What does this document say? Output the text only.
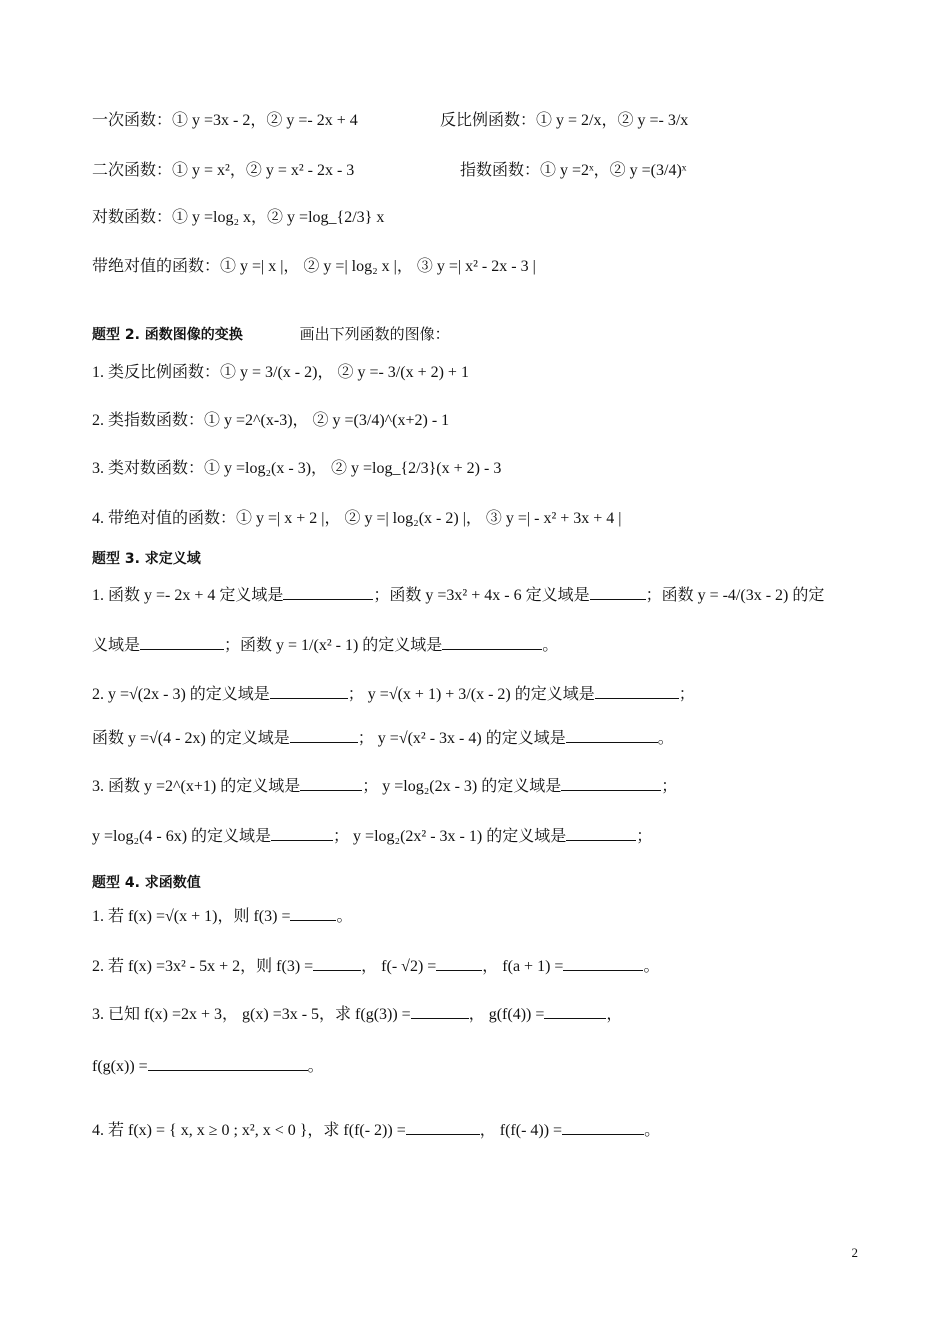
一次函数：① y =3x - 2，② y =- 2x + 4	反比例函数：① y = 2/x，② y =- 3/x
二次函数：① y = x²，② y = x² - 2x - 3	指数函数：① y =2ˣ，② y =(3/4)ˣ
对数函数：① y =log₂ x，② y =log_{2/3} x
带绝对值的函数：① y =| x |， ② y =| log₂ x |， ③ y =| x² - 2x - 3 |
题型 2. 函数图像的变换	画出下列函数的图像：
1. 类反比例函数：① y = 3/(x - 2)， ② y =- 3/(x + 2) + 1
2. 类指数函数：① y =2^(x-3)， ② y =(3/4)^(x+2) - 1
3. 类对数函数：① y =log₂(x - 3)， ② y =log_{2/3}(x + 2) - 3
4. 带绝对值的函数：① y =| x + 2 |， ② y =| log₂(x - 2) |， ③ y =| - x² + 3x + 4 |
题型 3. 求定义域
1. 函数 y =- 2x + 4 定义域是	；函数 y =3x² + 4x - 6 定义域是	；函数 y = -4/(3x - 2) 的定
义域是	；函数 y = 1/(x² - 1) 的定义域是	。
2. y =√(2x - 3) 的定义域是	； y =√(x + 1) + 3/(x - 2) 的定义域是	；
函数 y =√(4 - 2x) 的定义域是	； y =√(x² - 3x - 4) 的定义域是	。
3. 函数 y =2^(x+1) 的定义域是	； y =log₂(2x - 3) 的定义域是	；
y =log₂(4 - 6x) 的定义域是	； y =log₂(2x² - 3x - 1) 的定义域是	；
题型 4. 求函数值
1. 若 f(x) =√(x + 1)，则 f(3) =	。
2. 若 f(x) =3x² - 5x + 2，则 f(3) =	， f(- √2) =	， f(a + 1) =	。
3. 已知 f(x) =2x + 3， g(x) =3x - 5，求 f(g(3)) =	， g(f(4)) =	，
f(g(x)) =	。
4. 若 f(x) = { x, x ≥ 0 ; x², x < 0 }，求 f(f(- 2)) =	， f(f(- 4)) =	。
2
